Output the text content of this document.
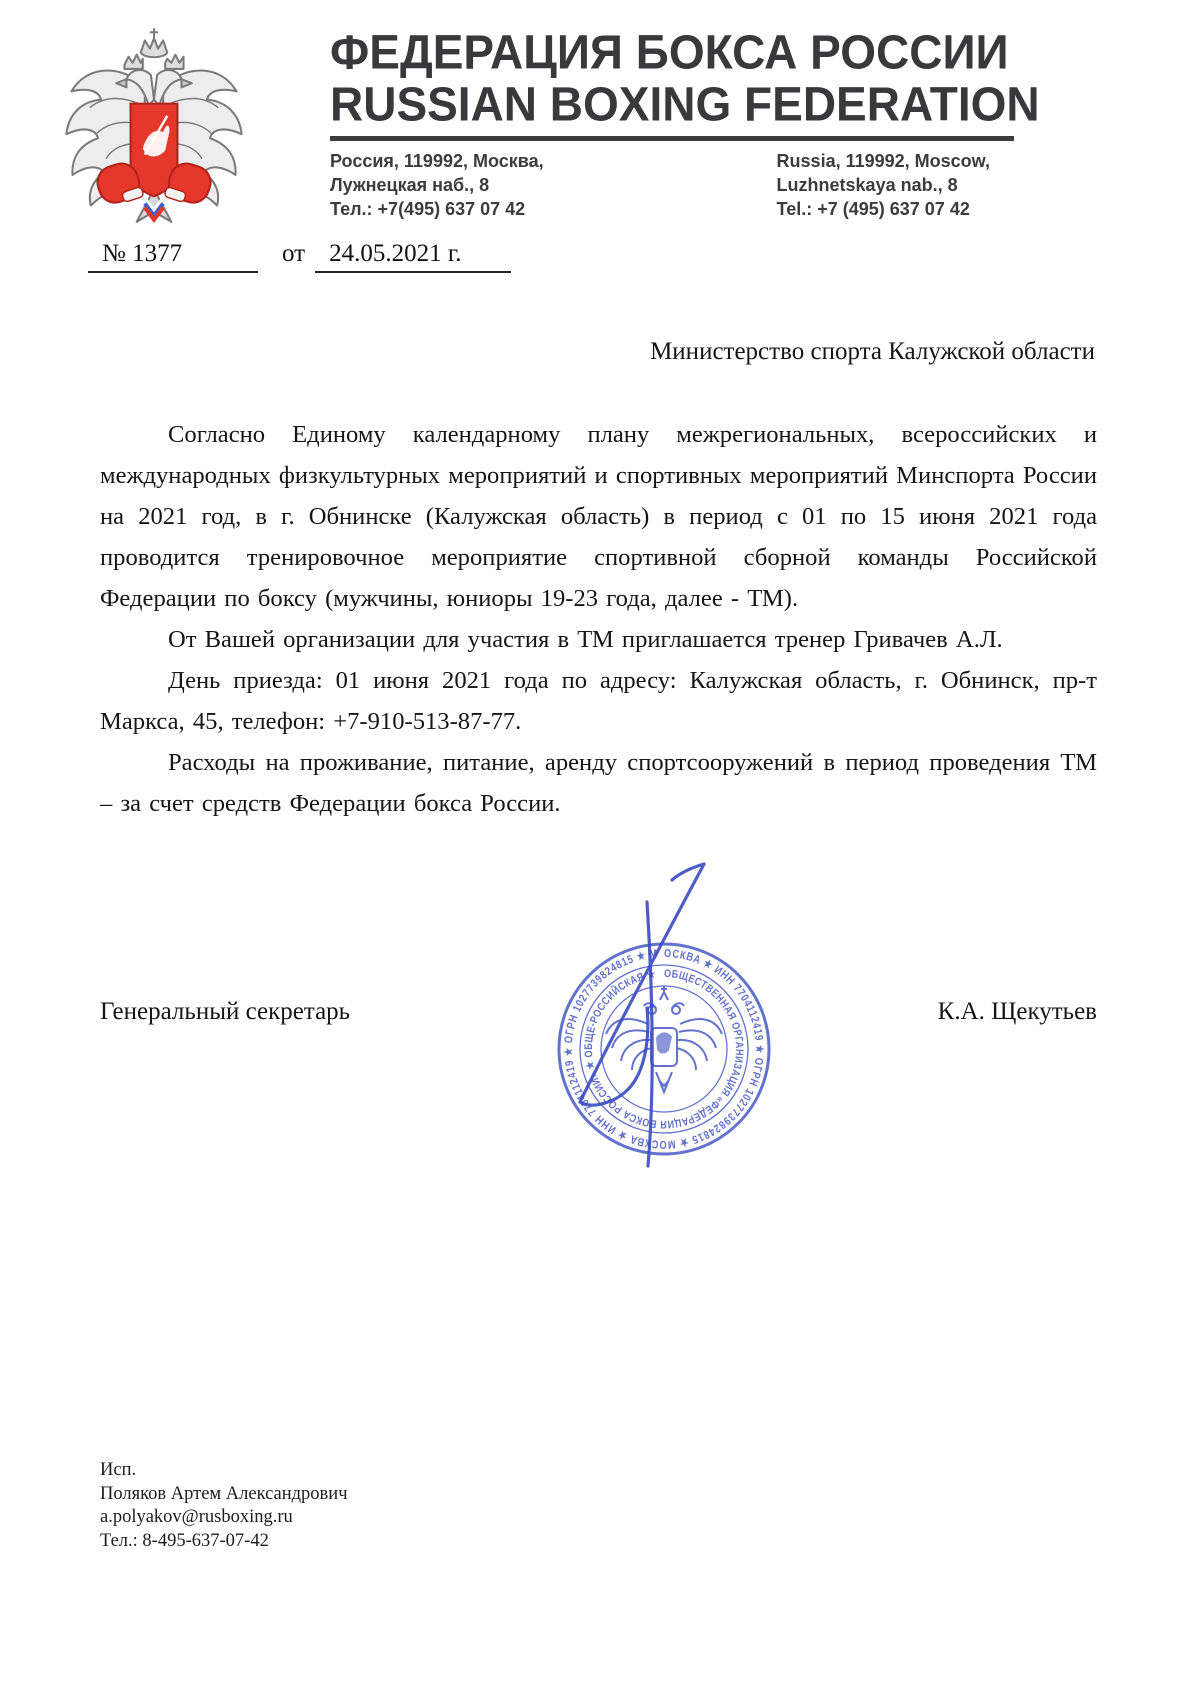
ФЕДЕРАЦИЯ БОКСА РОССИИ
RUSSIAN BOXING FEDERATION
Россия, 119992, Москва,
Лужнецкая наб., 8
Тел.: +7(495) 637 07 42
Russia, 119992, Moscow,
Luzhnetskaya nab., 8
Tel.: +7 (495) 637 07 42
№ 1377	от 24.05.2021 г.
Министерство спорта Калужской области

Согласно Единому календарному плану межрегиональных, всероссийских и международных физкультурных мероприятий и спортивных мероприятий Минспорта России на 2021 год, в г. Обнинске (Калужская область) в период с 01 по 15 июня 2021 года проводится тренировочное мероприятие спортивной сборной команды Российской Федерации по боксу (мужчины, юниоры 19-23 года, далее - ТМ).

От Вашей организации для участия в ТМ приглашается тренер Гривачев А.Л.

День приезда: 01 июня 2021 года по адресу: Калужская область, г. Обнинск, пр-т Маркса, 45, телефон: +7-910-513-87-77.

Расходы на проживание, питание, аренду спортсооружений в период проведения ТМ – за счет средств Федерации бокса России.

Генеральный секретарь	К.А. Щекутьев
ОСКВА ★ ИНН 7704112419 ★ ОГРН 1027739824815 ★ МОСКВА ★ ИНН 7704112419 ★ ОГРН 1027739824815 ★ М
ОБЩЕСТВЕННАЯ ОРГАНИЗАЦИЯ «ФЕДЕРАЦИЯ БОКСА РОССИИ» ★ ОБЩЕ-РОССИЙСКАЯ ★
Исп.
Поляков Артем Александрович
a.polyakov@rusboxing.ru
Тел.: 8-495-637-07-42
